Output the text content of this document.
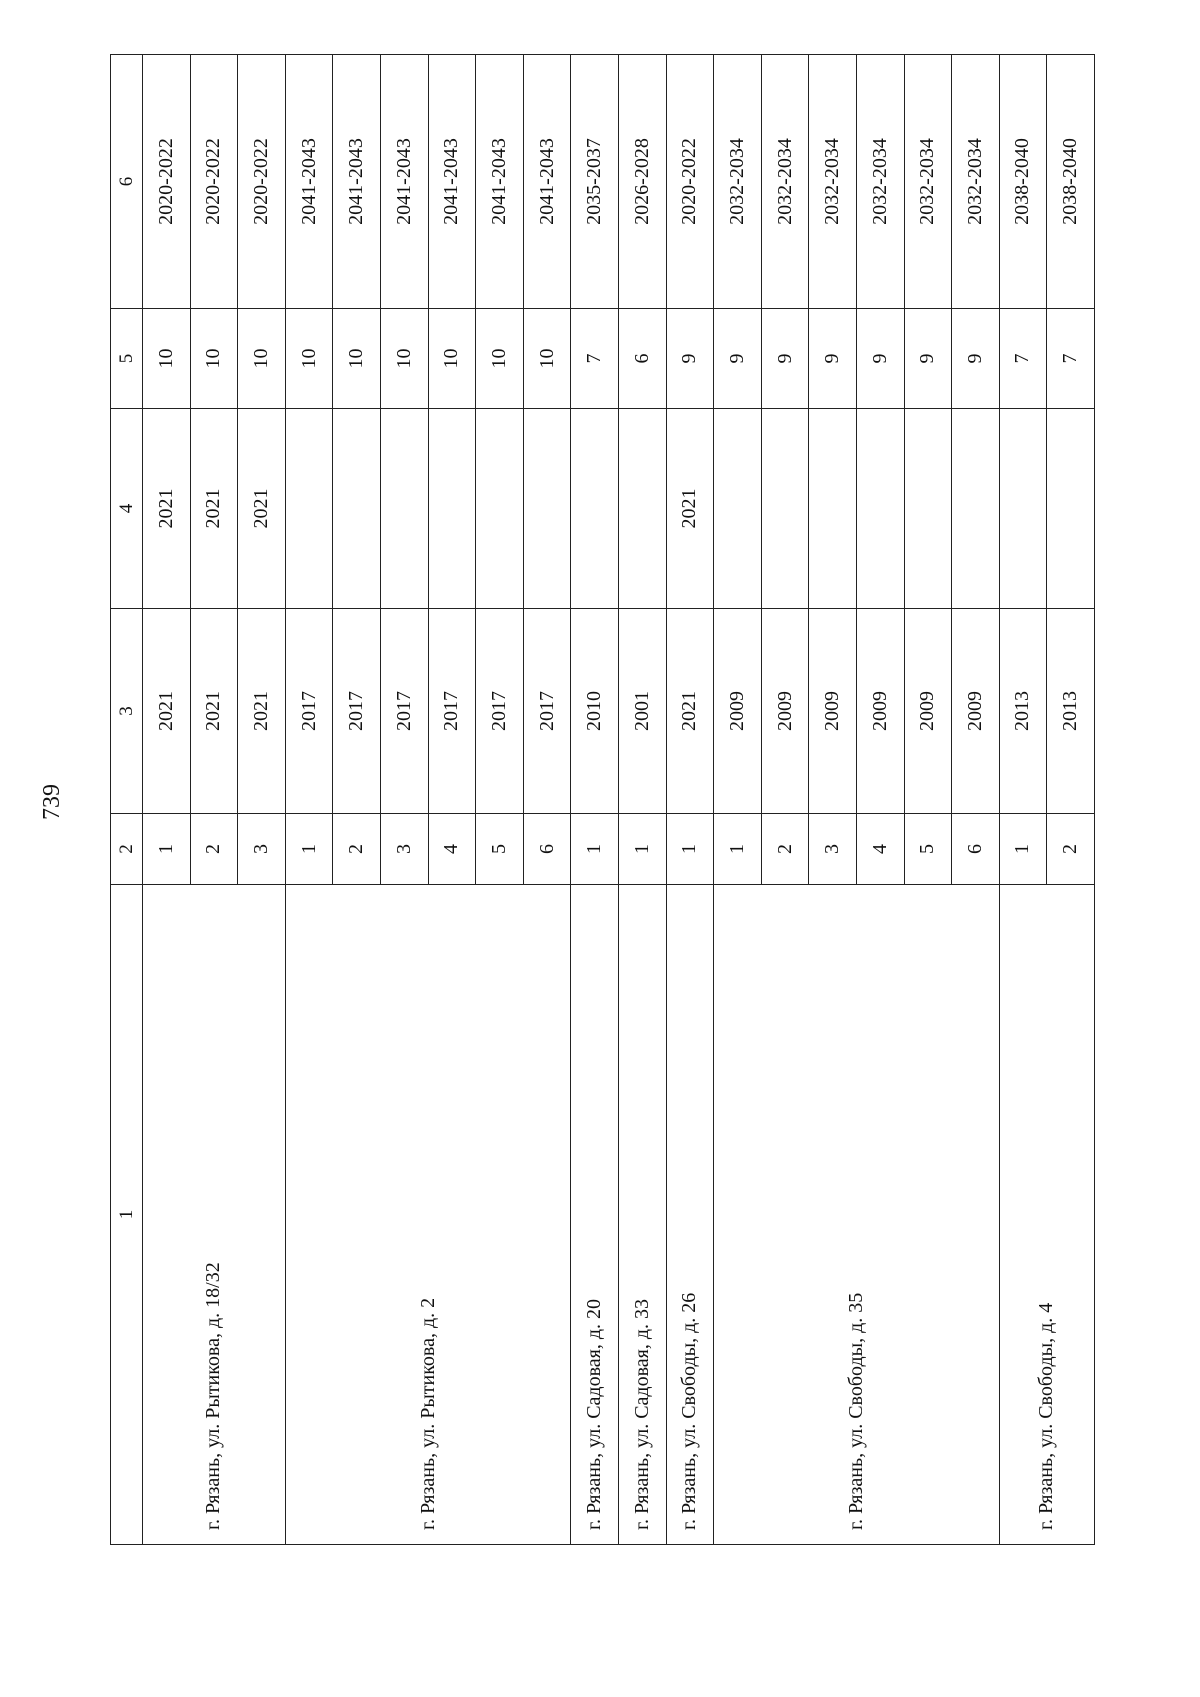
739
1	2	3	4	5	6
г. Рязань, ул. Рытикова, д. 18/32	1	2021	2021	10	2020-2022
	2	2021	2021	10	2020-2022
	3	2021	2021	10	2020-2022
г. Рязань, ул. Рытикова, д. 2	1	2017		10	2041-2043
	2	2017		10	2041-2043
	3	2017		10	2041-2043
	4	2017		10	2041-2043
	5	2017		10	2041-2043
	6	2017		10	2041-2043
г. Рязань, ул. Садовая, д. 20	1	2010		7	2035-2037
г. Рязань, ул. Садовая, д. 33	1	2001		6	2026-2028
г. Рязань, ул. Свободы, д. 26	1	2021	2021	9	2020-2022
г. Рязань, ул. Свободы, д. 35	1	2009		9	2032-2034
	2	2009		9	2032-2034
	3	2009		9	2032-2034
	4	2009		9	2032-2034
	5	2009		9	2032-2034
	6	2009		9	2032-2034
г. Рязань, ул. Свободы, д. 4	1	2013		7	2038-2040
	2	2013		7	2038-2040
